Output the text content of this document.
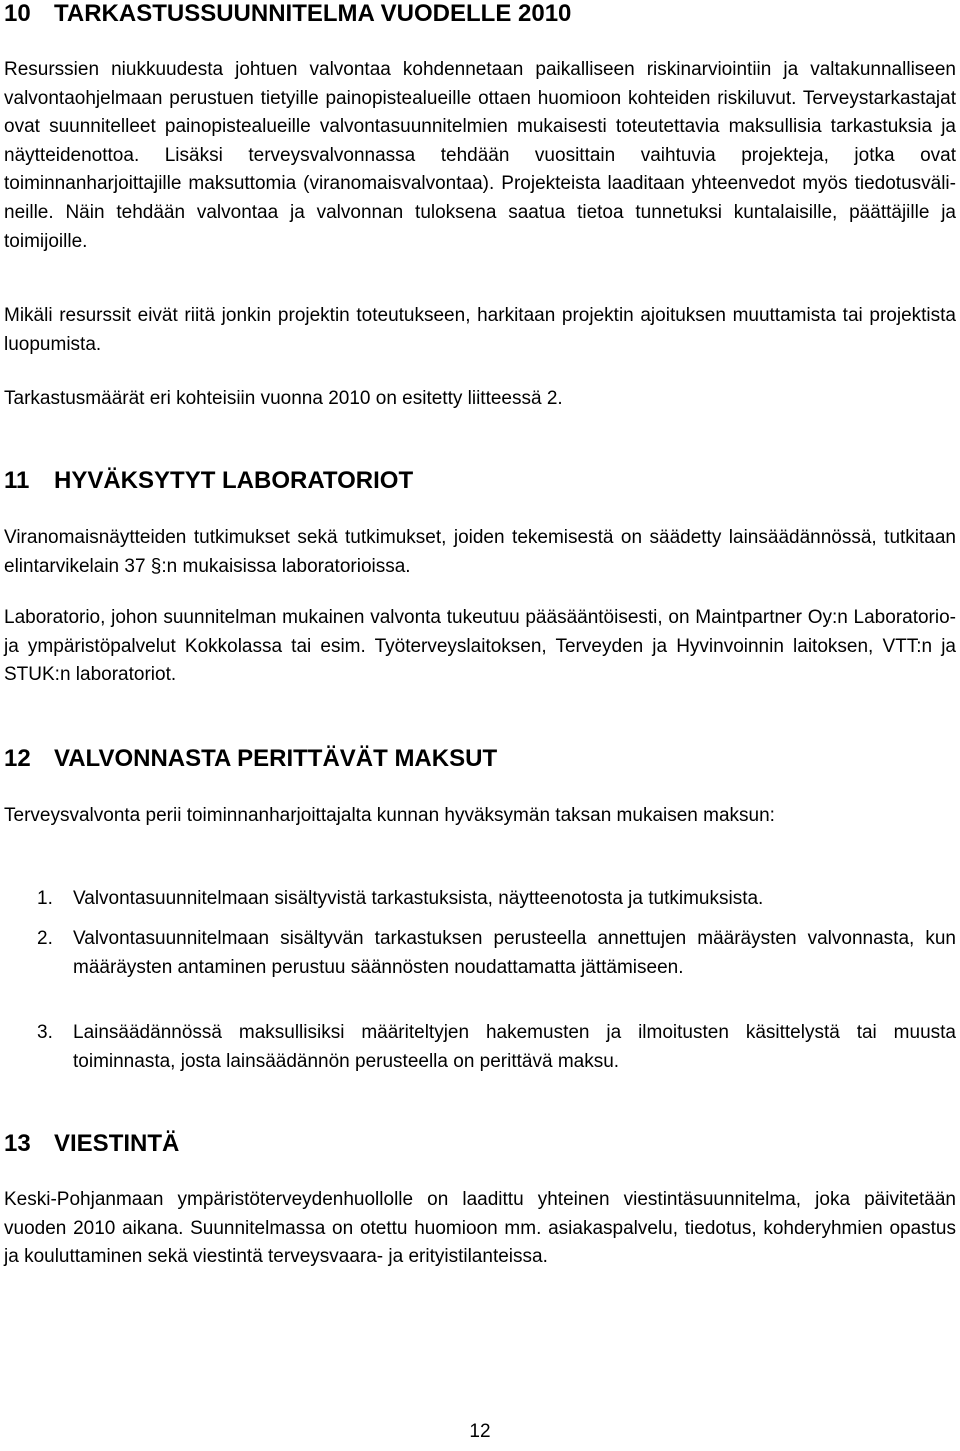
10 TARKASTUSSUUNNITELMA VUODELLE 2010

Resurssien niukkuudesta johtuen valvontaa kohdennetaan paikalliseen riskinarviointiin ja valtakunnalliseen valvontaohjelmaan perustuen tietyille painopistealueille ottaen huomioon kohteiden riskiluvut. Terveystarkastajat ovat suunnitelleet painopistealueille valvontasuunnitelmien mukaisesti toteutettavia maksullisia tarkastuksia ja näytteidenottoa. Lisäksi terveysvalvonnassa tehdään vuosittain vaihtuvia projekteja, jotka ovat toiminnanharjoittajille maksuttomia (viranomaisvalvontaa). Projekteista laaditaan yhteenvedot myös tiedotusvälineille. Näin tehdään valvontaa ja valvonnan tuloksena saatua tietoa tunnetuksi kuntalaisille, päättäjille ja toimijoille.

Mikäli resurssit eivät riitä jonkin projektin toteutukseen, harkitaan projektin ajoituksen muuttamista tai projektista luopumista.

Tarkastusmäärät eri kohteisiin vuonna 2010 on esitetty liitteessä 2.

11 HYVÄKSYTYT LABORATORIOT

Viranomaisnäytteiden tutkimukset sekä tutkimukset, joiden tekemisestä on säädetty lainsäädännössä, tutkitaan elintarvikelain 37 §:n mukaisissa laboratorioissa.

Laboratorio, johon suunnitelman mukainen valvonta tukeutuu pääsääntöisesti, on Maintpartner Oy:n Laboratorio- ja ympäristöpalvelut Kokkolassa tai esim. Työterveyslaitoksen, Terveyden ja Hyvinvoinnin laitoksen, VTT:n ja STUK:n laboratoriot.

12 VALVONNASTA PERITTÄVÄT MAKSUT

Terveysvalvonta perii toiminnanharjoittajalta kunnan hyväksymän taksan mukaisen maksun:

1. Valvontasuunnitelmaan sisältyvistä tarkastuksista, näytteenotosta ja tutkimuksista.
2. Valvontasuunnitelmaan sisältyvän tarkastuksen perusteella annettujen määräysten valvonnasta, kun määräysten antaminen perustuu säännösten noudattamatta jättämiseen.
3. Lainsäädännössä maksullisiksi määriteltyjen hakemusten ja ilmoitusten käsittelystä tai muusta toiminnasta, josta lainsäädännön perusteella on perittävä maksu.
13 VIESTINTÄ

Keski-Pohjanmaan ympäristöterveydenhuollolle on laadittu yhteinen viestintäsuunnitelma, joka päivitetään vuoden 2010 aikana. Suunnitelmassa on otettu huomioon mm. asiakaspalvelu, tiedotus, kohderyhmien opastus ja kouluttaminen sekä viestintä terveysvaara- ja erityistilanteissa.

12
